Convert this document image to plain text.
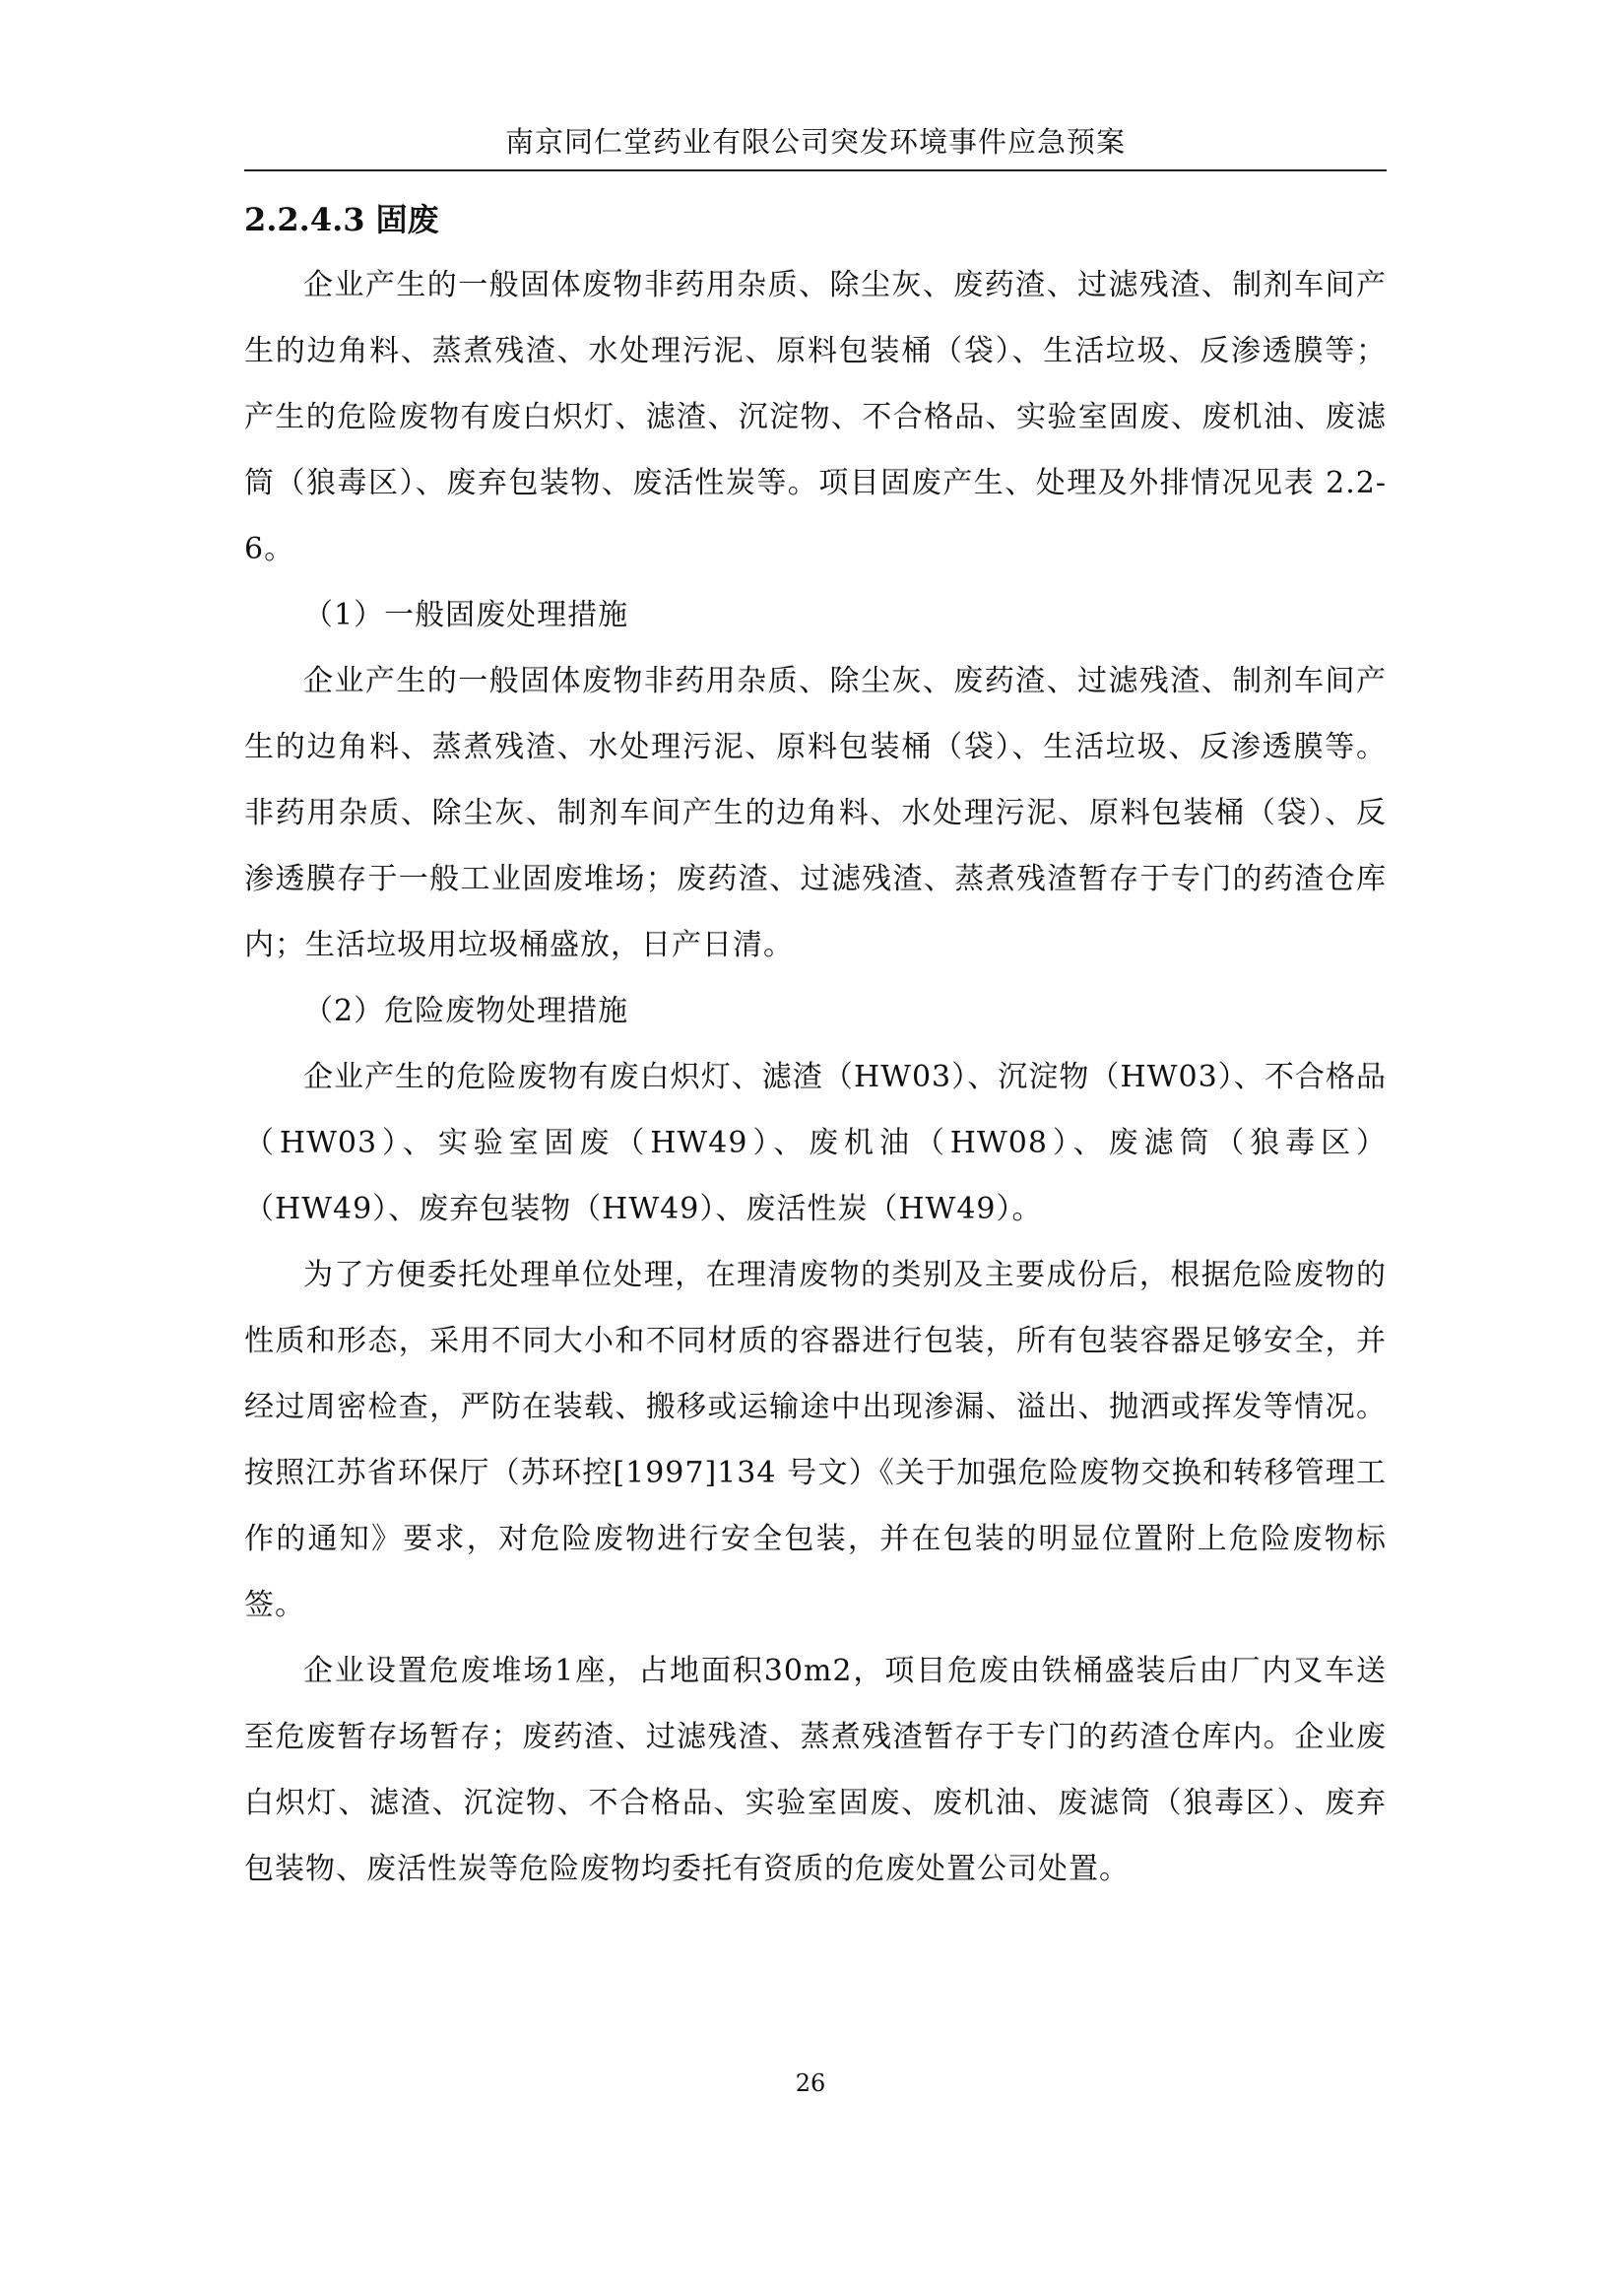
南京同仁堂药业有限公司突发环境事件应急预案
2.2.4.3 固废

企业产生的一般固体废物非药用杂质、除尘灰、废药渣、过滤残渣、制剂车间产生的边角料、蒸煮残渣、水处理污泥、原料包装桶（袋）、生活垃圾、反渗透膜等；产生的危险废物有废白炽灯、滤渣、沉淀物、不合格品、实验室固废、废机油、废滤筒（狼毒区）、废弃包装物、废活性炭等。项目固废产生、处理及外排情况见表 2.2-6。

（1）一般固废处理措施

企业产生的一般固体废物非药用杂质、除尘灰、废药渣、过滤残渣、制剂车间产生的边角料、蒸煮残渣、水处理污泥、原料包装桶（袋）、生活垃圾、反渗透膜等。非药用杂质、除尘灰、制剂车间产生的边角料、水处理污泥、原料包装桶（袋）、反渗透膜存于一般工业固废堆场；废药渣、过滤残渣、蒸煮残渣暂存于专门的药渣仓库内；生活垃圾用垃圾桶盛放，日产日清。

（2）危险废物处理措施

企业产生的危险废物有废白炽灯、滤渣（HW03）、沉淀物（HW03）、不合格品（HW03）、实验室固废（HW49）、废机油（HW08）、废滤筒（狼毒区）（HW49）、废弃包装物（HW49）、废活性炭（HW49）。

为了方便委托处理单位处理，在理清废物的类别及主要成份后，根据危险废物的性质和形态，采用不同大小和不同材质的容器进行包装，所有包装容器足够安全，并经过周密检查，严防在装载、搬移或运输途中出现渗漏、溢出、抛洒或挥发等情况。按照江苏省环保厅（苏环控[1997]134 号文）《关于加强危险废物交换和转移管理工作的通知》要求，对危险废物进行安全包装，并在包装的明显位置附上危险废物标签。

企业设置危废堆场1座，占地面积30m2，项目危废由铁桶盛装后由厂内叉车送至危废暂存场暂存；废药渣、过滤残渣、蒸煮残渣暂存于专门的药渣仓库内。企业废白炽灯、滤渣、沉淀物、不合格品、实验室固废、废机油、废滤筒（狼毒区）、废弃包装物、废活性炭等危险废物均委托有资质的危废处置公司处置。

26
